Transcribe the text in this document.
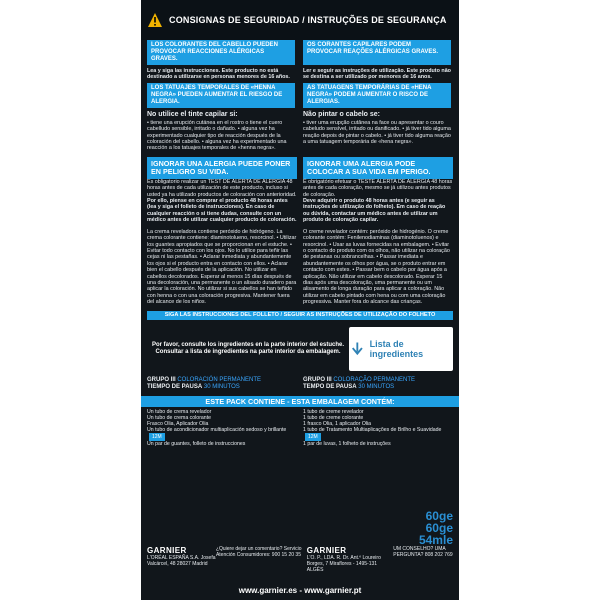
CONSIGNAS DE SEGURIDAD / INSTRUÇÕES DE SEGURANÇA
LOS COLORANTES DEL CABELLO PUEDEN PROVOCAR REACCIONES ALÉRGICAS GRAVES.
OS CORANTES CAPILARES PODEM PROVOCAR REAÇÕES ALÉRGICAS GRAVES.
Lea y siga las instrucciones. Este producto no está destinado a utilizarse en personas menores de 16 años.
Ler e seguir as instruções de utilização. Este produto não se destina a ser utilizado por menores de 16 anos.
LOS TATUAJES TEMPORALES DE «HENNA NEGRA» PUEDEN AUMENTAR EL RIESGO DE ALERGIA.
AS TATUAGENS TEMPORÁRIAS DE «HENA NEGRA» PODEM AUMENTAR O RISCO DE ALERGIAS.
No utilice el tinte capilar si:
• tiene una erupción cutánea en el rostro o tiene el cuero cabelludo sensible, irritado o dañado. • alguna vez ha experimentado cualquier tipo de reacción después de la coloración del cabello. • alguna vez ha experimentado una reacción a los tatuajes temporales de «henna negra».
Não pintar o cabelo se:
• tiver uma erupção cutânea na face ou apresentar o couro cabeludo sensível, irritado ou danificado. • já tiver tido alguma reação depois de pintar o cabelo. • já tiver tido alguma reação a uma tatuagem temporária de «hena negra».
IGNORAR UNA ALERGIA PUEDE PONER EN PELIGRO SU VIDA.
Es obligatorio realizar un TEST DE ALERTA DE ALERGIA 48 horas antes de cada utilización de este producto, incluso si usted ya ha utilizado productos de coloración con anterioridad.
Por ello, piense en comprar el producto 48 horas antes (lea y siga el folleto de instrucciones). En caso de cualquier reacción o si tiene dudas, consulte con un médico antes de utilizar cualquier producto de coloración.
IGNORAR UMA ALERGIA PODE COLOCAR A SUA VIDA EM PERIGO.
É obrigatório efetuar o TESTE ALERTA DE ALERGIA 48 horas antes de cada coloração, mesmo se já utilizou antes produtos de coloração.
Deve adquirir o produto 48 horas antes (e seguir as instruções de utilização do folheto). Em caso de reação ou dúvida, contactar um médico antes de utilizar um produto de coloração capilar.
La crema reveladora contiene peróxido de hidrógeno. La crema colorante contiene: diaminotolueno, resorcinol. • Utilizar los guantes apropiados que se proporcionan en el estuche. • Evitar todo contacto con los ojos. No lo utilice para teñir las cejas ni las pestañas. • Aclarar inmediata y abundantemente los ojos si el producto entra en contacto con ellos. • Aclarar bien el cabello después de la aplicación. No utilizar en cabellos decolorados. Esperar al menos 15 días después de una decoloración, una permanente o un alisado duradero para aplicar la coloración. No utilizar si sus cabellos se han teñido con henna o con una coloración progresiva. Mantener fuera del alcance de los niños.
O creme revelador contém: peróxido de hidrogénio. O creme colorante contém: Fenilenodiaminas (diaminotoluenos) e resorcinol. • Usar as luvas fornecidas na embalagem. • Evitar o contacto do produto com os olhos, não utilizar na coloração de pestanas ou sobrancelhas. • Passar imediata e abundantemente os olhos por água, se o produto entrar em contacto com estes. • Passar bem o cabelo por água após a aplicação. Não utilizar em cabelo descolorado. Esperar 15 dias após uma descoloração, uma permanente ou um alisamento de longa duração para aplicar a coloração. Não utilizar em cabelo pintado com hena ou com uma coloração progressiva. Manter fora do alcance das crianças.
SIGA LAS INSTRUCCIONES DEL FOLLETO / SEGUIR AS INSTRUÇÕES DE UTILIZAÇÃO DO FOLHETO
Por favor, consulte los ingredientes en la parte interior del estuche.
Consultar a lista de ingredientes na parte interior da embalagem.
Lista de ingredientes
GRUPO III COLORACIÓN PERMANENTE
TIEMPO DE PAUSA 30 MINUTOS
GRUPO III COLORAÇÃO PERMANENTE
TEMPO DE PAUSA 30 MINUTOS
ESTE PACK CONTIENE - ESTA EMBALAGEM CONTÉM:
Un tubo de crema revelador
Un tubo de crema colorante
Frasco Olia, Aplicador Olia
Un tubo de acondicionador multiaplicación sedoso y brillante 12M
Un par de guantes, folleto de instrucciones
1 tubo de creme revelador
1 tubo de creme colorante
1 frasco Olia, 1 aplicador Olia
1 tubo de Tratamento Multiaplicações de Brilho e Suavidade 12M
1 par de luvas, 1 folheto de instruções
60ge
60ge
54mle
GARNIER
L'ORÉAL ESPAÑA S.A. Josefa Valcárcel, 48 28027 Madrid
¿Quiere dejar un comentario? Servicio Atención Consumidores: 900 15 20 35 GARNIER
L'O. P., LDA. R. Dr. Ant.º Loureiro Borges, 7 Miraflores - 1495-131 ALGÉS
UM CONSELHO? UMA PERGUNTA? 808 202 769
www.garnier.es - www.garnier.pt
